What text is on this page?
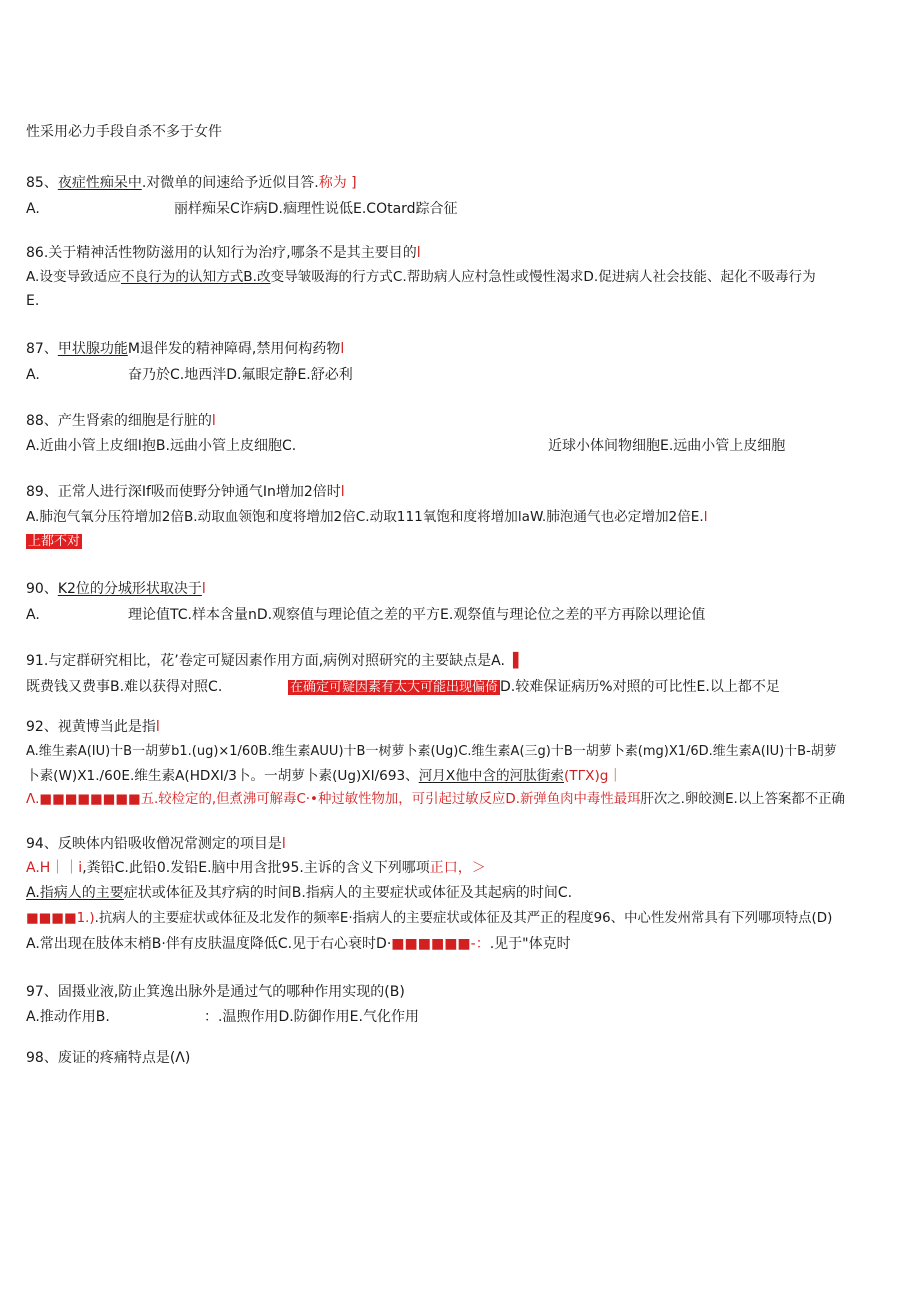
性采用必力手段自杀不多于女件
85、夜症性痴呆中.对微单的间速给予近似目答.称为 ]
A.	丽样痴呆C诈病D.痼理性说低E.COtard踪合征
86.关于精神活性物防滋用的认知行为治疗,哪条不是其主要目的l
A.设变导致适应不良行为的认知方式B.改变导皱吸海的行方式C.帮助病人应村急性或慢性渴求D.促进病人社会技能、起化不吸毒行为
E.
87、甲状腺功能M退伴发的精神障碍,禁用何构药物l
A.	奋乃於C.地西泮D.氟眼定静E.舒必利
88、产生肾索的细胞是行脏的l
A.近曲小管上皮细I抱B.远曲小管上皮细胞C.	近球小体间物细胞E.远曲小管上皮细胞
89、正常人进行深If吸而使野分钟通气In增加2倍时l
A.肺泡气氧分压符增加2倍B.动取血领饱和度将增加2倍C.动取111氧饱和度将增加laW.肺泡通气也必定增加2倍E.l
上都不对
90、K2位的分城形状取决于l
A.	理论值TC.样本含量nD.观察值与理论值之差的平方E.观祭值与理论位之差的平方再除以理论值
91.与定群研究相比，花’卷定可疑因素作用方面,病例对照研究的主要缺点是A. ▌
既费钱又费事B.难以获得对照C.	在确定可疑因素有太大可能出现偏倚 D.较难保证病历%对照的可比性E.以上都不足
92、视黄博当此是指l
A.维生素A(IU)十B一胡萝b1.(ug)×1/60B.维生素AUU)十B一树萝卜素(Ug)C.维生素A(三g)十B一胡萝卜素(mg)X1/6D.维生素A(IU)十B-胡萝
卜素(W)X1./60E.维生素A(HDXI/3卜。一胡萝卜素(Ug)XI/693、河月X他中含的河肽街索(TΓX)g｜
Λ.■■■■■■■■五.较检定的,但煮沸可解毒C·•种过敏性物加，可引起过敏反应D.新弹鱼肉中毒性最珥肝次之.卵皎测E.以上答案都不正确
94、反映体内铅吸收僧况常测定的项目是l
A.H｜｜i,粪铅C.此铅0.发铅E.脑中用含批95.主诉的含义下列哪项正口，＞
A.指病人的主要症状或体征及其疗病的时间B.指病人的主要症状或体征及其起病的时间C.
■■■■1.).抗病人的主要症状或体征及北发作的频率E·指病人的主要症状或体征及其严正的程度96、中心性发州常具有下列哪项特点(D)
A.常出现在肢体末梢B·伴有皮肤温度降低C.见于右心衰时D·■■■■■■-：.见于"体克时
97、固摄业液,防止箕逸出脉外是通过气的哪种作用实现的(B)
A.推动作用B.	：.温煦作用D.防御作用E.气化作用
98、废证的疼痛特点是(Λ)
